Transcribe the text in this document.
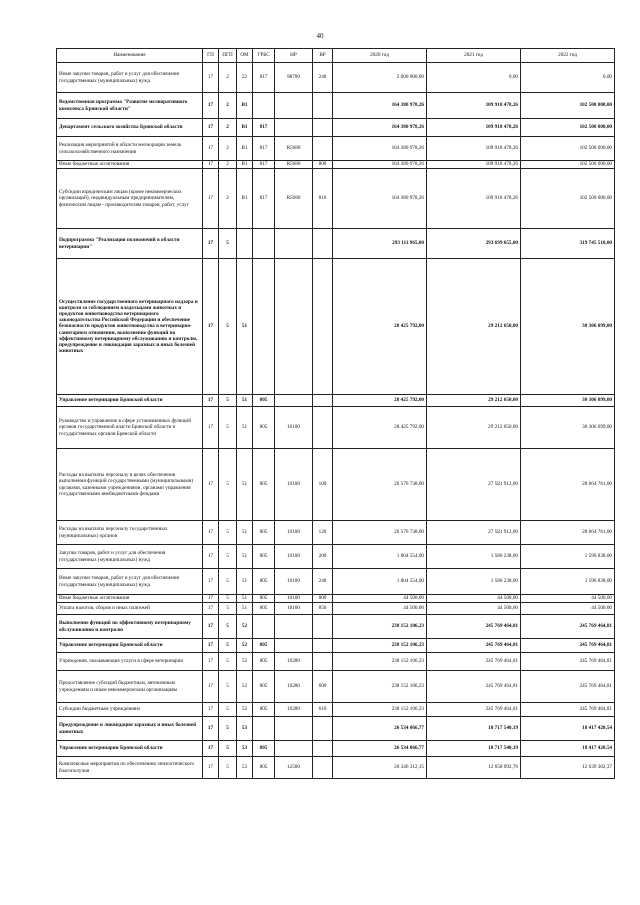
40
Наименование	ГП	ПГП	ОМ	ГРБС	НР	ВР	2020 год	2021 год	2022 год
Иные закупки товаров, работ и услуг для обеспечения государственных (муниципальных) нужд	17	2	22	817	98700	240	2 000 000,00	0,00	0,00
Ведомственная программа "Развитие мелиоративного комплекса Брянской области"	17	2	В1				164 380 978,26	109 918 478,26	102 500 000,00
Департамент сельского хозяйства Брянской области	17	2	В1	817			164 380 978,26	109 918 478,26	102 500 000,00
Реализация мероприятий в области мелиорации земель сельскохозяйственного назначения	17	2	В1	817	R5680		164 380 978,26	109 918 478,26	102 500 000,00
Иные бюджетные ассигнования	17	2	В1	817	R5680	800	164 380 978,26	109 918 478,26	102 500 000,00
Субсидии юридическим лицам (кроме некоммерческих организаций), индивидуальным предпринимателям, физическим лицам - производителям товаров, работ, услуг	17	2	В1	817	R5680	810	164 380 978,26	109 918 478,26	102 500 000,00
Подпрограмма "Реализация полномочий в области ветеринарии"	17	5					293 111 965,00	293 699 655,00	319 745 510,00
Осуществление государственного ветеринарного надзора и контроля за соблюдением владельцами животных и продуктов животноводства ветеринарного законодательства Российской Федерации и обеспечение безопасности продуктов животноводства в ветеринарно-санитарном отношении, выполнение функций по эффективному ветеринарному обслуживанию и контролю, предупреждение и ликвидация заразных и иных болезней животных	17	5	51				28 425 792,00	29 212 650,00	30 306 099,00
Управление ветеринарии Брянской области	17	5	51	805			28 425 792,00	29 212 650,00	30 306 099,00
Руководство и управление в сфере установленных функций органов государственной власти Брянской области и государственных органов Брянской области	17	5	51	805	10100		28 425 792,00	29 212 650,00	30 306 099,00
Расходы на выплаты персоналу в целях обеспечения выполнения функций государственными (муниципальными) органами, казенными учреждениями, органами управления государственными внебюджетными фондами	17	5	51	805	10100	100	26 576 738,00	27 581 912,00	28 664 761,00
Расходы на выплаты персоналу государственных (муниципальных) органов	17	5	51	805	10100	120	26 576 738,00	27 581 912,00	28 664 761,00
Закупка товаров, работ и услуг для обеспечения государственных (муниципальных) нужд	17	5	51	805	10100	200	1 804 554,00	1 586 238,00	1 596 838,00
Иные закупки товаров, работ и услуг для обеспечения государственных (муниципальных) нужд	17	5	51	805	10100	240	1 804 554,00	1 586 238,00	1 596 838,00
Иные бюджетные ассигнования	17	5	51	805	10100	800	44 500,00	44 500,00	44 500,00
Уплата налогов, сборов и иных платежей	17	5	51	805	10100	850	44 500,00	44 500,00	44 500,00
Выполнение функций по эффективному ветеринарному обслуживанию и контролю	17	5	52				238 152 106,23	245 769 464,81	245 769 464,81
Управление ветеринарии Брянской области	17	5	52	805			238 152 106,23	245 769 464,81	245 769 464,81
Учреждения, оказывающие услуги в сфере ветеринарии	17	5	52	805	10280		238 152 106,23	245 769 464,81	245 769 464,81
Предоставление субсидий бюджетным, автономным учреждениям и иным некоммерческим организациям	17	5	52	805	10280	600	238 152 106,23	245 769 464,81	245 769 464,81
Субсидии бюджетным учреждениям	17	5	52	805	10280	610	238 152 106,23	245 769 464,81	245 769 464,81
Предупреждение и ликвидация заразных и иных болезней животных	17	5	53				26 534 066,77	18 717 540,19	18 417 420,54
Управление ветеринарии Брянской области	17	5	53	805			26 534 066,77	18 717 540,19	18 417 420,54
Комплексные мероприятия по обеспечению эпизоотического благополучия	17	5	53	805	12500		20 346 312,15	12 658 092,76	12 639 302,37
